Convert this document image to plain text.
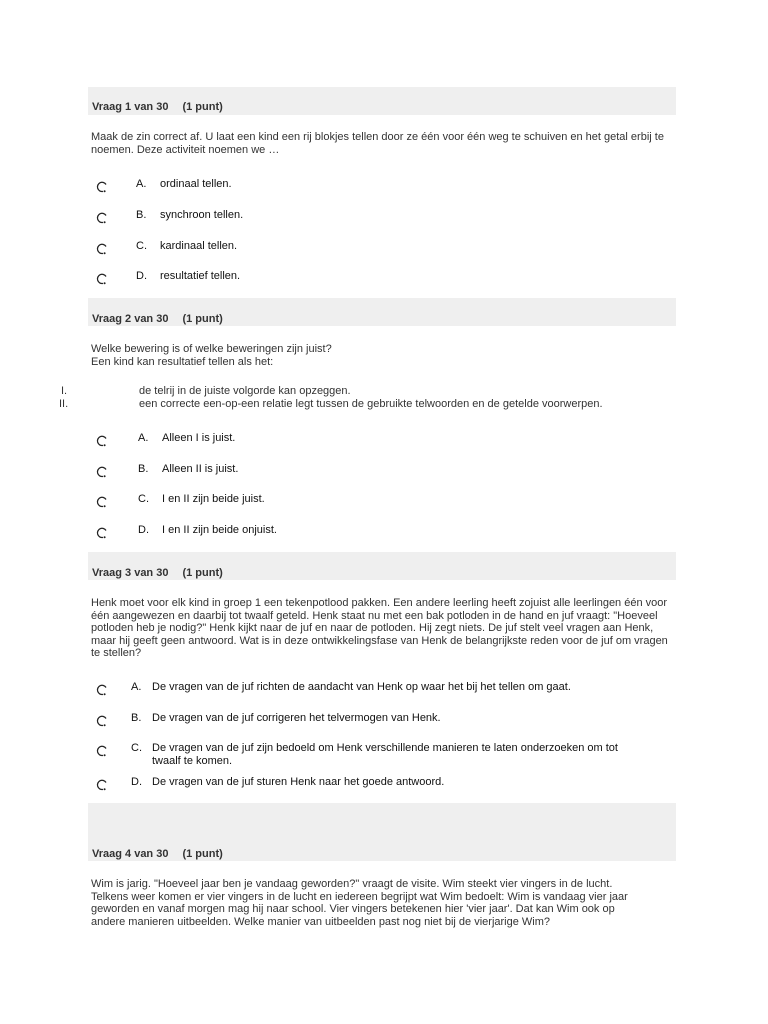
Vraag 1 van 30 (1 punt)
Maak de zin correct af. U laat een kind een rij blokjes tellen door ze één voor één weg te schuiven en het getal erbij te noemen. Deze activiteit noemen we …
A. ordinaal tellen.
B. synchroon tellen.
C. kardinaal tellen.
D. resultatief tellen.
Vraag 2 van 30 (1 punt)
Welke bewering is of welke beweringen zijn juist?
Een kind kan resultatief tellen als het:
I.	de telrij in de juiste volgorde kan opzeggen.
II.	een correcte een-op-een relatie legt tussen de gebruikte telwoorden en de getelde voorwerpen.
A. Alleen I is juist.
B. Alleen II is juist.
C. I en II zijn beide juist.
D. I en II zijn beide onjuist.
Vraag 3 van 30 (1 punt)
Henk moet voor elk kind in groep 1 een tekenpotlood pakken. Een andere leerling heeft zojuist alle leerlingen één voor één aangewezen en daarbij tot twaalf geteld. Henk staat nu met een bak potloden in de hand en juf vraagt: "Hoeveel potloden heb je nodig?" Henk kijkt naar de juf en naar de potloden. Hij zegt niets. De juf stelt veel vragen aan Henk, maar hij geeft geen antwoord. Wat is in deze ontwikkelingsfase van Henk de belangrijkste reden voor de juf om vragen te stellen?
A. De vragen van de juf richten de aandacht van Henk op waar het bij het tellen om gaat.
B. De vragen van de juf corrigeren het telvermogen van Henk.
C. De vragen van de juf zijn bedoeld om Henk verschillende manieren te laten onderzoeken om tot twaalf te komen.
D. De vragen van de juf sturen Henk naar het goede antwoord.
Vraag 4 van 30 (1 punt)
Wim is jarig. "Hoeveel jaar ben je vandaag geworden?" vraagt de visite. Wim steekt vier vingers in de lucht. Telkens weer komen er vier vingers in de lucht en iedereen begrijpt wat Wim bedoelt: Wim is vandaag vier jaar geworden en vanaf morgen mag hij naar school. Vier vingers betekenen hier 'vier jaar'. Dat kan Wim ook op andere manieren uitbeelden. Welke manier van uitbeelden past nog niet bij de vierjarige Wim?
